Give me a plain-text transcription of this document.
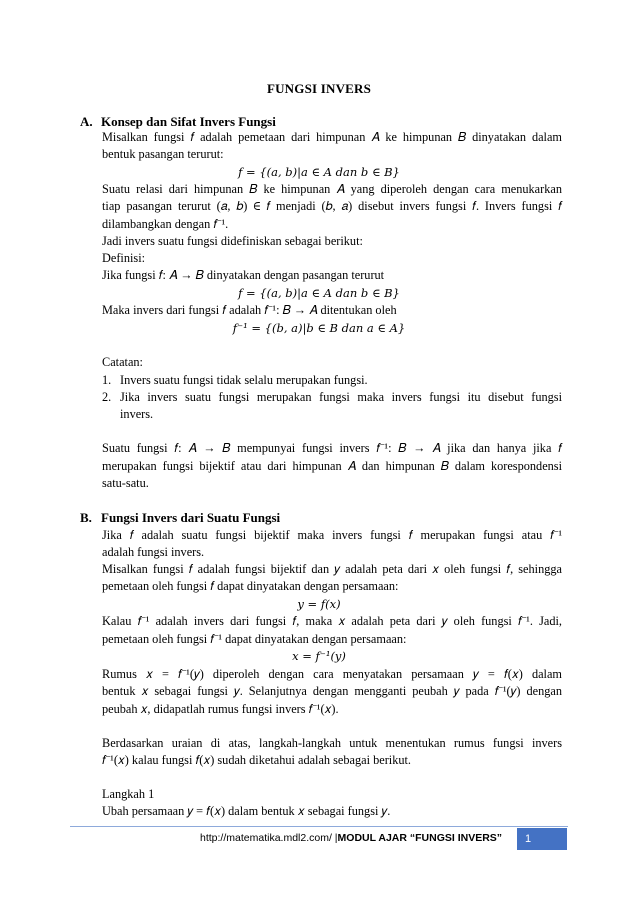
FUNGSI INVERS
A. Konsep dan Sifat Invers Fungsi
Misalkan fungsi 𝑓 adalah pemetaan dari himpunan 𝐴 ke himpunan 𝐵 dinyatakan dalam
bentuk pasangan terurut:
𝑓 = {(𝑎, 𝑏)|𝑎 ∈ 𝐴 𝑑𝑎𝑛 𝑏 ∈ 𝐵}
Suatu relasi dari himpunan 𝐵 ke himpunan 𝐴 yang diperoleh dengan cara menukarkan
tiap pasangan terurut (𝑎, 𝑏) ∈ 𝑓 menjadi (𝑏, 𝑎) disebut invers fungsi 𝑓. Invers fungsi 𝑓
dilambangkan dengan 𝑓⁻¹.
Jadi invers suatu fungsi didefiniskan sebagai berikut:
Definisi:
Jika fungsi 𝑓: 𝐴 → 𝐵 dinyatakan dengan pasangan terurut
𝑓 = {(𝑎, 𝑏)|𝑎 ∈ 𝐴 𝑑𝑎𝑛 𝑏 ∈ 𝐵}
Maka invers dari fungsi 𝑓 adalah 𝑓⁻¹: 𝐵 → 𝐴 ditentukan oleh
𝑓⁻¹ = {(𝑏, 𝑎)|𝑏 ∈ 𝐵 𝑑𝑎𝑛 𝑎 ∈ 𝐴}
Catatan:
1. Invers suatu fungsi tidak selalu merupakan fungsi.
2. Jika invers suatu fungsi merupakan fungsi maka invers fungsi itu disebut fungsi
invers.
Suatu fungsi 𝑓: 𝐴 → 𝐵 mempunyai fungsi invers 𝑓⁻¹: 𝐵 → 𝐴 jika dan hanya jika 𝑓
merupakan fungsi bijektif atau dari himpunan 𝐴 dan himpunan 𝐵 dalam korespondensi
satu-satu.
B. Fungsi Invers dari Suatu Fungsi
Jika 𝑓 adalah suatu fungsi bijektif maka invers fungsi 𝑓 merupakan fungsi atau 𝑓⁻¹
adalah fungsi invers.
Misalkan fungsi 𝑓 adalah fungsi bijektif dan 𝑦 adalah peta dari 𝑥 oleh fungsi 𝑓, sehingga
pemetaan oleh fungsi 𝑓 dapat dinyatakan dengan persamaan:
𝑦 = 𝑓(𝑥)
Kalau 𝑓⁻¹ adalah invers dari fungsi 𝑓, maka 𝑥 adalah peta dari 𝑦 oleh fungsi 𝑓⁻¹. Jadi,
pemetaan oleh fungsi 𝑓⁻¹ dapat dinyatakan dengan persamaan:
𝑥 = 𝑓⁻¹(𝑦)
Rumus 𝑥 = 𝑓⁻¹(𝑦) diperoleh dengan cara menyatakan persamaan 𝑦 = 𝑓(𝑥) dalam
bentuk 𝑥 sebagai fungsi 𝑦. Selanjutnya dengan mengganti peubah 𝑦 pada 𝑓⁻¹(𝑦) dengan
peubah 𝑥, didapatlah rumus fungsi invers 𝑓⁻¹(𝑥).
Berdasarkan uraian di atas, langkah-langkah untuk menentukan rumus fungsi invers
𝑓⁻¹(𝑥) kalau fungsi 𝑓(𝑥) sudah diketahui adalah sebagai berikut.
Langkah 1
Ubah persamaan 𝑦 = 𝑓(𝑥) dalam bentuk 𝑥 sebagai fungsi 𝑦.
http://matematika.mdl2.com/ |MODUL AJAR “FUNGSI INVERS”	1
